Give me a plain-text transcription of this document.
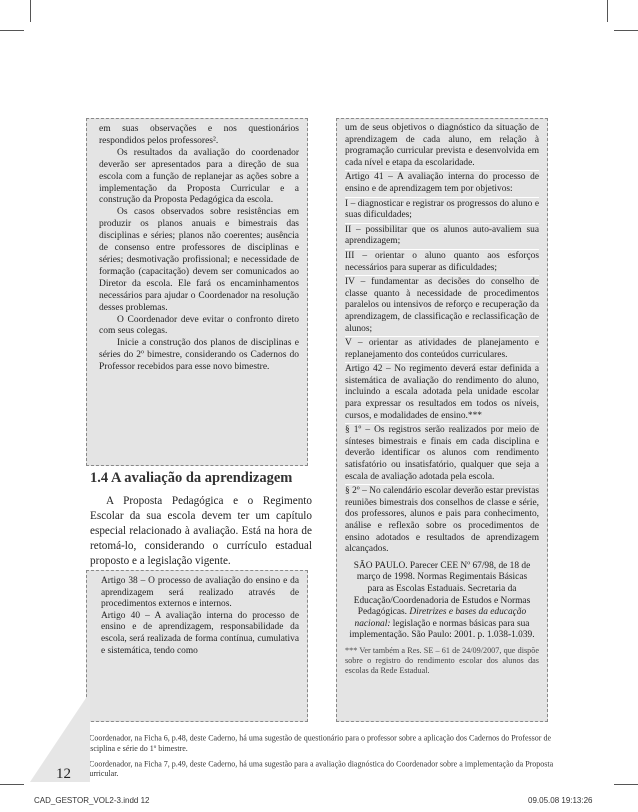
em suas observações e nos questionários respondidos pelos professores².

Os resultados da avaliação do coordenador deverão ser apresentados para a direção de sua escola com a função de replanejar as ações sobre a implementação da Proposta Curricular e a construção da Proposta Pedagógica da escola.

Os casos observados sobre resistências em produzir os planos anuais e bimestrais das disciplinas e séries; planos não coerentes; ausência de consenso entre professores de disciplinas e séries; desmotivação profissional; e necessidade de formação (capacitação) devem ser comunicados ao Diretor da escola. Ele fará os encaminhamentos necessários para ajudar o Coordenador na resolução desses problemas.

O Coordenador deve evitar o confronto direto com seus colegas.

Inicie a construção dos planos de disciplinas e séries do 2º bimestre, considerando os Cadernos do Professor recebidos para esse novo bimestre.

1.4 A avaliação da aprendizagem

A Proposta Pedagógica e o Regimento Escolar da sua escola devem ter um capítulo especial relacionado à avaliação. Está na hora de retomá-lo, considerando o currículo estadual proposto e a legislação vigente.

Artigo 38 – O processo de avaliação do ensino e da aprendizagem será realizado através de procedimentos externos e internos.

Artigo 40 – A avaliação interna do processo de ensino e de aprendizagem, responsabilidade da escola, será realizada de forma contínua, cumulativa e sistemática, tendo como

um de seus objetivos o diagnóstico da situação de aprendizagem de cada aluno, em relação à programação curricular prevista e desenvolvida em cada nível e etapa da escolaridade.

Artigo 41 – A avaliação interna do processo de ensino e de aprendizagem tem por objetivos:

I – diagnosticar e registrar os progressos do aluno e suas dificuldades;

II – possibilitar que os alunos auto-avaliem sua aprendizagem;

III – orientar o aluno quanto aos esforços necessários para superar as dificuldades;

IV – fundamentar as decisões do conselho de classe quanto à necessidade de procedimentos paralelos ou intensivos de reforço e recuperação da aprendizagem, de classificação e reclassificação de alunos;

V – orientar as atividades de planejamento e replanejamento dos conteúdos curriculares.

Artigo 42 – No regimento deverá estar definida a sistemática de avaliação do rendimento do aluno, incluindo a escala adotada pela unidade escolar para expressar os resultados em todos os níveis, cursos, e modalidades de ensino.***

§ 1º – Os registros serão realizados por meio de sínteses bimestrais e finais em cada disciplina e deverão identificar os alunos com rendimento satisfatório ou insatisfatório, qualquer que seja a escala de avaliação adotada pela escola.

§ 2º – No calendário escolar deverão estar previstas reuniões bimestrais dos conselhos de classe e série, dos professores, alunos e pais para conhecimento, análise e reflexão sobre os procedimentos de ensino adotados e resultados de aprendizagem alcançados.

SÃO PAULO. Parecer CEE Nº 67/98, de 18 de março de 1998. Normas Regimentais Básicas para as Escolas Estaduais. Secretaria da Educação/Coordenadoria de Estudos e Normas Pedagógicas. Diretrizes e bases da educação nacional: legislação e normas básicas para sua implementação. São Paulo: 2001. p. 1.038-1.039.

*** Ver também a Res. SE – 61 de 24/09/2007, que dispõe sobre o registro do rendimento escolar dos alunos das escolas da Rede Estadual.

$^2$ Coordenador, na Ficha 6, p.48, deste Caderno, há uma sugestão de questionário para o professor sobre a aplicação dos Cadernos do Professor de disciplina e série do 1º bimestre.

$^3$ Coordenador, na Ficha 7, p.49, deste Caderno, há uma sugestão para a avaliação diagnóstica do Coordenador sobre a implementação da Proposta Curricular.

12
CAD_GESTOR_VOL2-3.indd 12	09.05.08 19:13:26
